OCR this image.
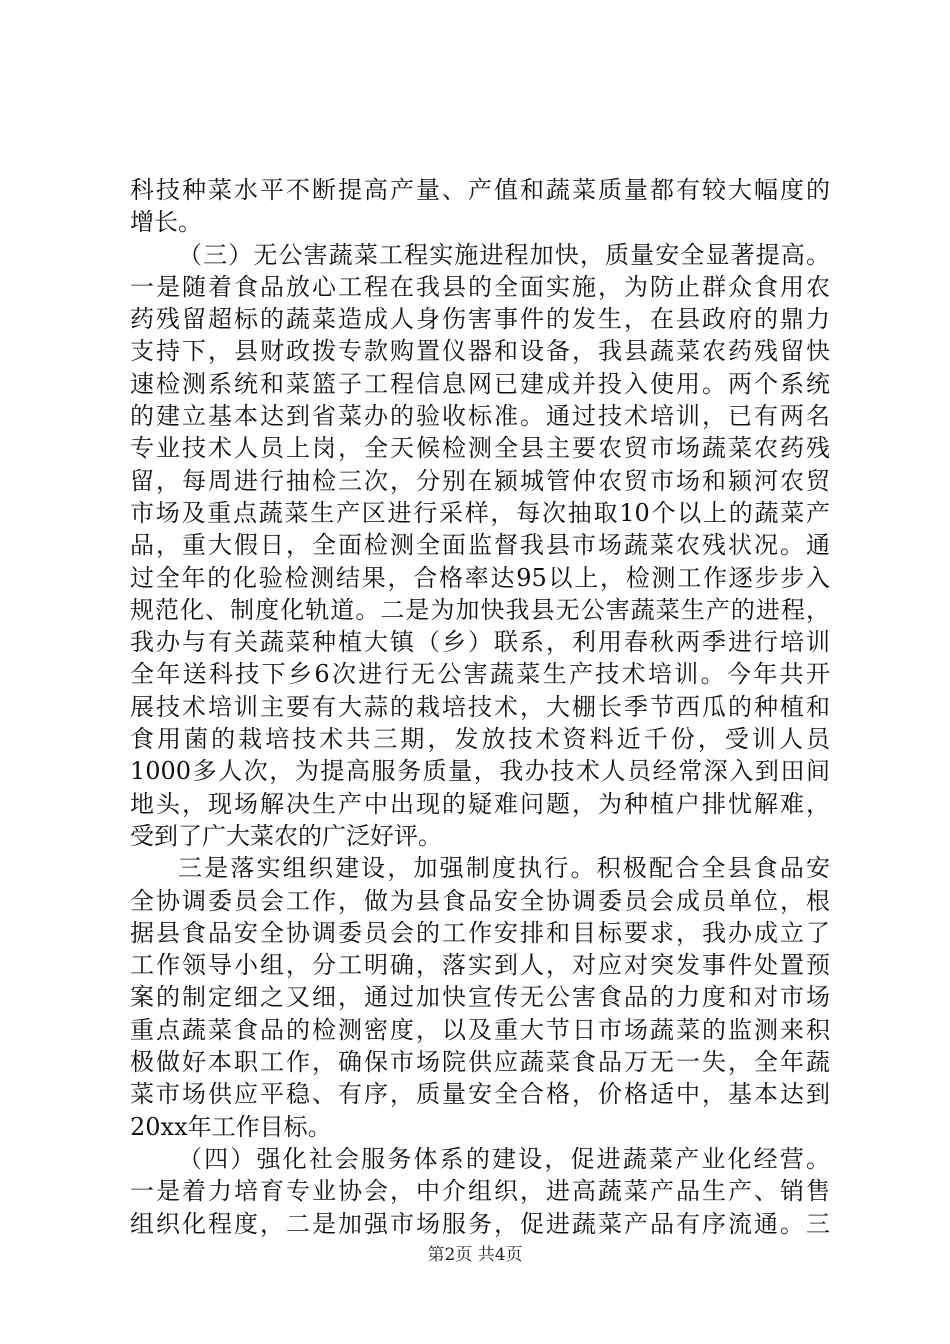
科技种菜水平不断提高产量、产值和蔬菜质量都有较大幅度的
增长。
（三）无公害蔬菜工程实施进程加快，质量安全显著提高。
一是随着食品放心工程在我县的全面实施，为防止群众食用农
药残留超标的蔬菜造成人身伤害事件的发生，在县政府的鼎力
支持下，县财政拨专款购置仪器和设备，我县蔬菜农药残留快
速检测系统和菜篮子工程信息网已建成并投入使用。两个系统
的建立基本达到省菜办的验收标准。通过技术培训，已有两名
专业技术人员上岗，全天候检测全县主要农贸市场蔬菜农药残
留，每周进行抽检三次，分别在颍城管仲农贸市场和颍河农贸
市场及重点蔬菜生产区进行采样，每次抽取10个以上的蔬菜产
品，重大假日，全面检测全面监督我县市场蔬菜农残状况。通
过全年的化验检测结果，合格率达95以上，检测工作逐步步入
规范化、制度化轨道。二是为加快我县无公害蔬菜生产的进程，
我办与有关蔬菜种植大镇（乡）联系，利用春秋两季进行培训
全年送科技下乡6次进行无公害蔬菜生产技术培训。今年共开
展技术培训主要有大蒜的栽培技术，大棚长季节西瓜的种植和
食用菌的栽培技术共三期，发放技术资料近千份，受训人员
1000多人次，为提高服务质量，我办技术人员经常深入到田间
地头，现场解决生产中出现的疑难问题，为种植户排忧解难，
受到了广大菜农的广泛好评。
三是落实组织建设，加强制度执行。积极配合全县食品安
全协调委员会工作，做为县食品安全协调委员会成员单位，根
据县食品安全协调委员会的工作安排和目标要求，我办成立了
工作领导小组，分工明确，落实到人，对应对突发事件处置预
案的制定细之又细，通过加快宣传无公害食品的力度和对市场
重点蔬菜食品的检测密度，以及重大节日市场蔬菜的监测来积
极做好本职工作，确保市场院供应蔬菜食品万无一失，全年蔬
菜市场供应平稳、有序，质量安全合格，价格适中，基本达到
20xx年工作目标。
（四）强化社会服务体系的建设，促进蔬菜产业化经营。
一是着力培育专业协会，中介组织，进高蔬菜产品生产、销售
组织化程度，二是加强市场服务，促进蔬菜产品有序流通。三
第2页 共4页
